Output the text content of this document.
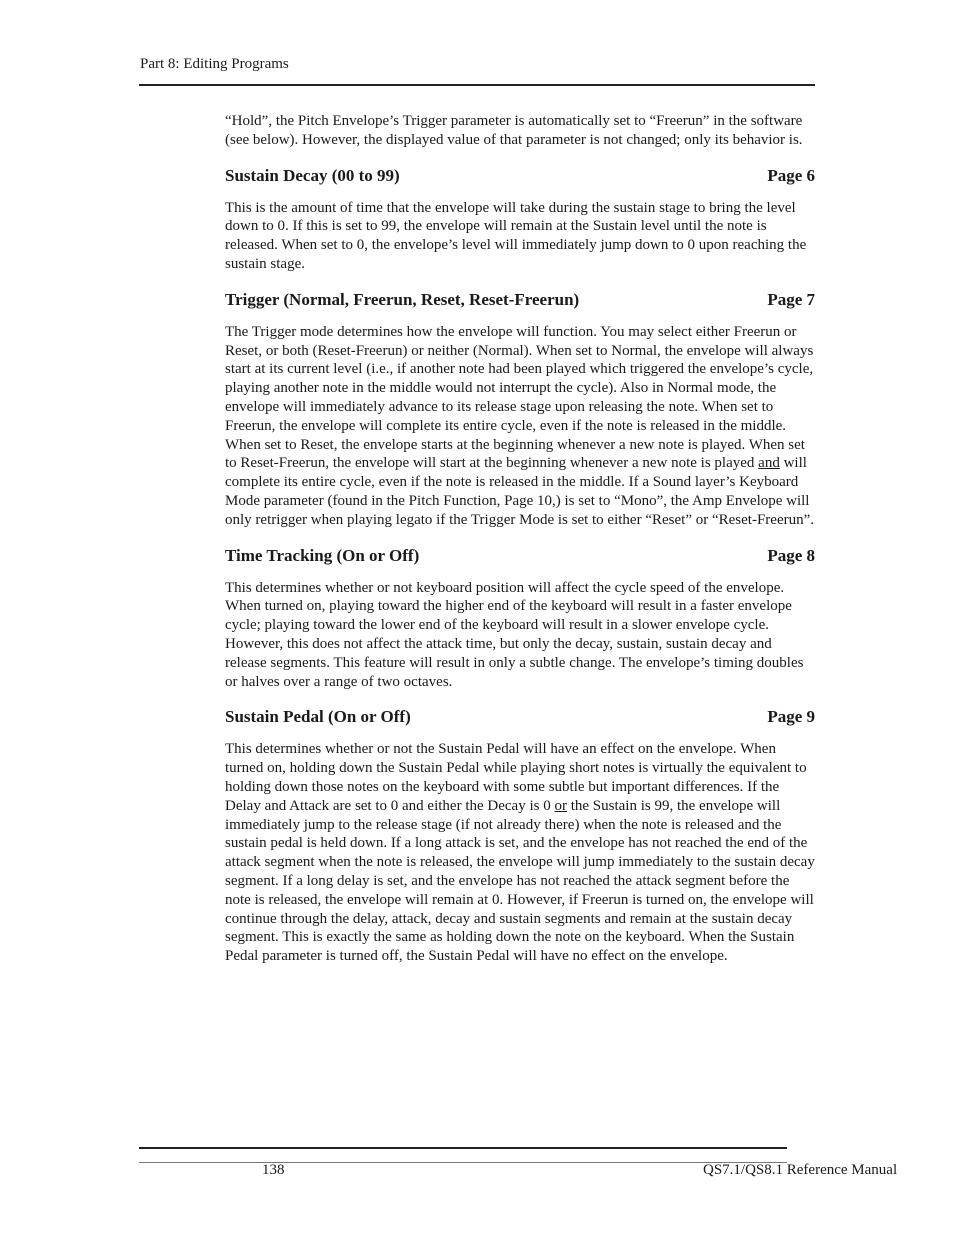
Part 8: Editing Programs

“Hold”, the Pitch Envelope’s Trigger parameter is automatically set to “Freerun” in the software (see below). However, the displayed value of that parameter is not changed; only its behavior is.

Sustain Decay (00 to 99)	Page 6

This is the amount of time that the envelope will take during the sustain stage to bring the level down to 0. If this is set to 99, the envelope will remain at the Sustain level until the note is released. When set to 0, the envelope’s level will immediately jump down to 0 upon reaching the sustain stage.

Trigger (Normal, Freerun, Reset, Reset-Freerun)	Page 7

The Trigger mode determines how the envelope will function. You may select either Freerun or Reset, or both (Reset-Freerun) or neither (Normal). When set to Normal, the envelope will always start at its current level (i.e., if another note had been played which triggered the envelope’s cycle, playing another note in the middle would not interrupt the cycle). Also in Normal mode, the envelope will immediately advance to its release stage upon releasing the note. When set to Freerun, the envelope will complete its entire cycle, even if the note is released in the middle. When set to Reset, the envelope starts at the beginning whenever a new note is played. When set to Reset-Freerun, the envelope will start at the beginning whenever a new note is played and will complete its entire cycle, even if the note is released in the middle. If a Sound layer’s Keyboard Mode parameter (found in the Pitch Function, Page 10,) is set to “Mono”, the Amp Envelope will only retrigger when playing legato if the Trigger Mode is set to either “Reset” or “Reset-Freerun”.

Time Tracking (On or Off)	Page 8

This determines whether or not keyboard position will affect the cycle speed of the envelope. When turned on, playing toward the higher end of the keyboard will result in a faster envelope cycle; playing toward the lower end of the keyboard will result in a slower envelope cycle. However, this does not affect the attack time, but only the decay, sustain, sustain decay and release segments. This feature will result in only a subtle change. The envelope’s timing doubles or halves over a range of two octaves.

Sustain Pedal (On or Off)	Page 9

This determines whether or not the Sustain Pedal will have an effect on the envelope. When turned on, holding down the Sustain Pedal while playing short notes is virtually the equivalent to holding down those notes on the keyboard with some subtle but important differences. If the Delay and Attack are set to 0 and either the Decay is 0 or the Sustain is 99, the envelope will immediately jump to the release stage (if not already there) when the note is released and the sustain pedal is held down. If a long attack is set, and the envelope has not reached the end of the attack segment when the note is released, the envelope will jump immediately to the sustain decay segment. If a long delay is set, and the envelope has not reached the attack segment before the note is released, the envelope will remain at 0. However, if Freerun is turned on, the envelope will continue through the delay, attack, decay and sustain segments and remain at the sustain decay segment. This is exactly the same as holding down the note on the keyboard. When the Sustain Pedal parameter is turned off, the Sustain Pedal will have no effect on the envelope.

138	QS7.1/QS8.1 Reference Manual
